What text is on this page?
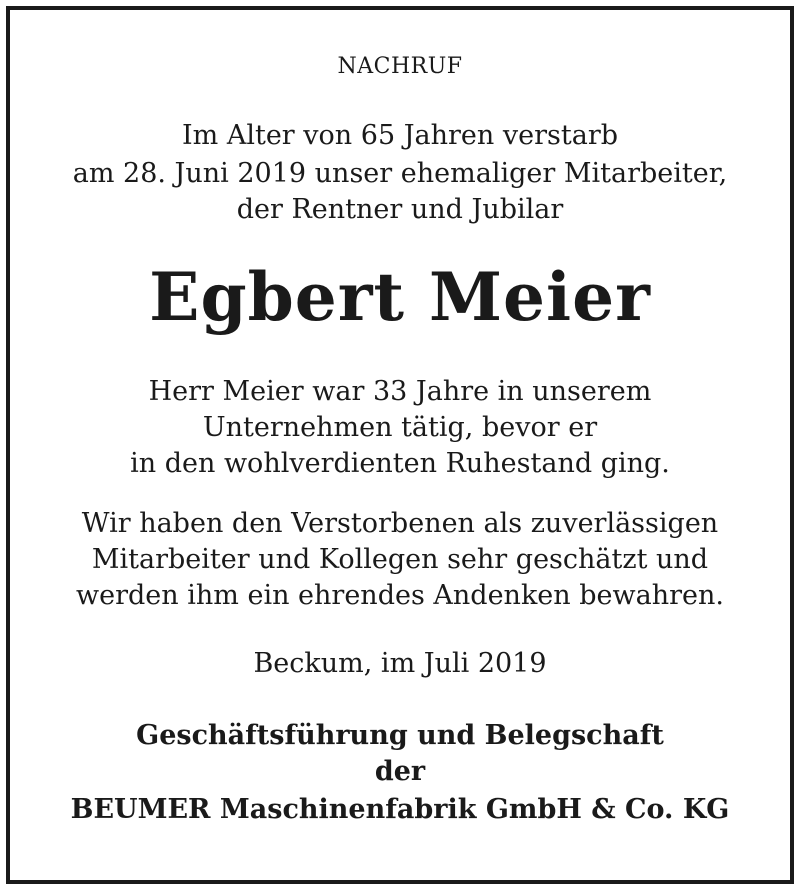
NACHRUF
Im Alter von 65 Jahren verstarb
am 28. Juni 2019 unser ehemaliger Mitarbeiter,
der Rentner und Jubilar
Egbert Meier
Herr Meier war 33 Jahre in unserem
Unternehmen tätig, bevor er
in den wohlverdienten Ruhestand ging.
Wir haben den Verstorbenen als zuverlässigen
Mitarbeiter und Kollegen sehr geschätzt und
werden ihm ein ehrendes Andenken bewahren.
Beckum, im Juli 2019
Geschäftsführung und Belegschaft
der
BEUMER Maschinenfabrik GmbH & Co. KG
